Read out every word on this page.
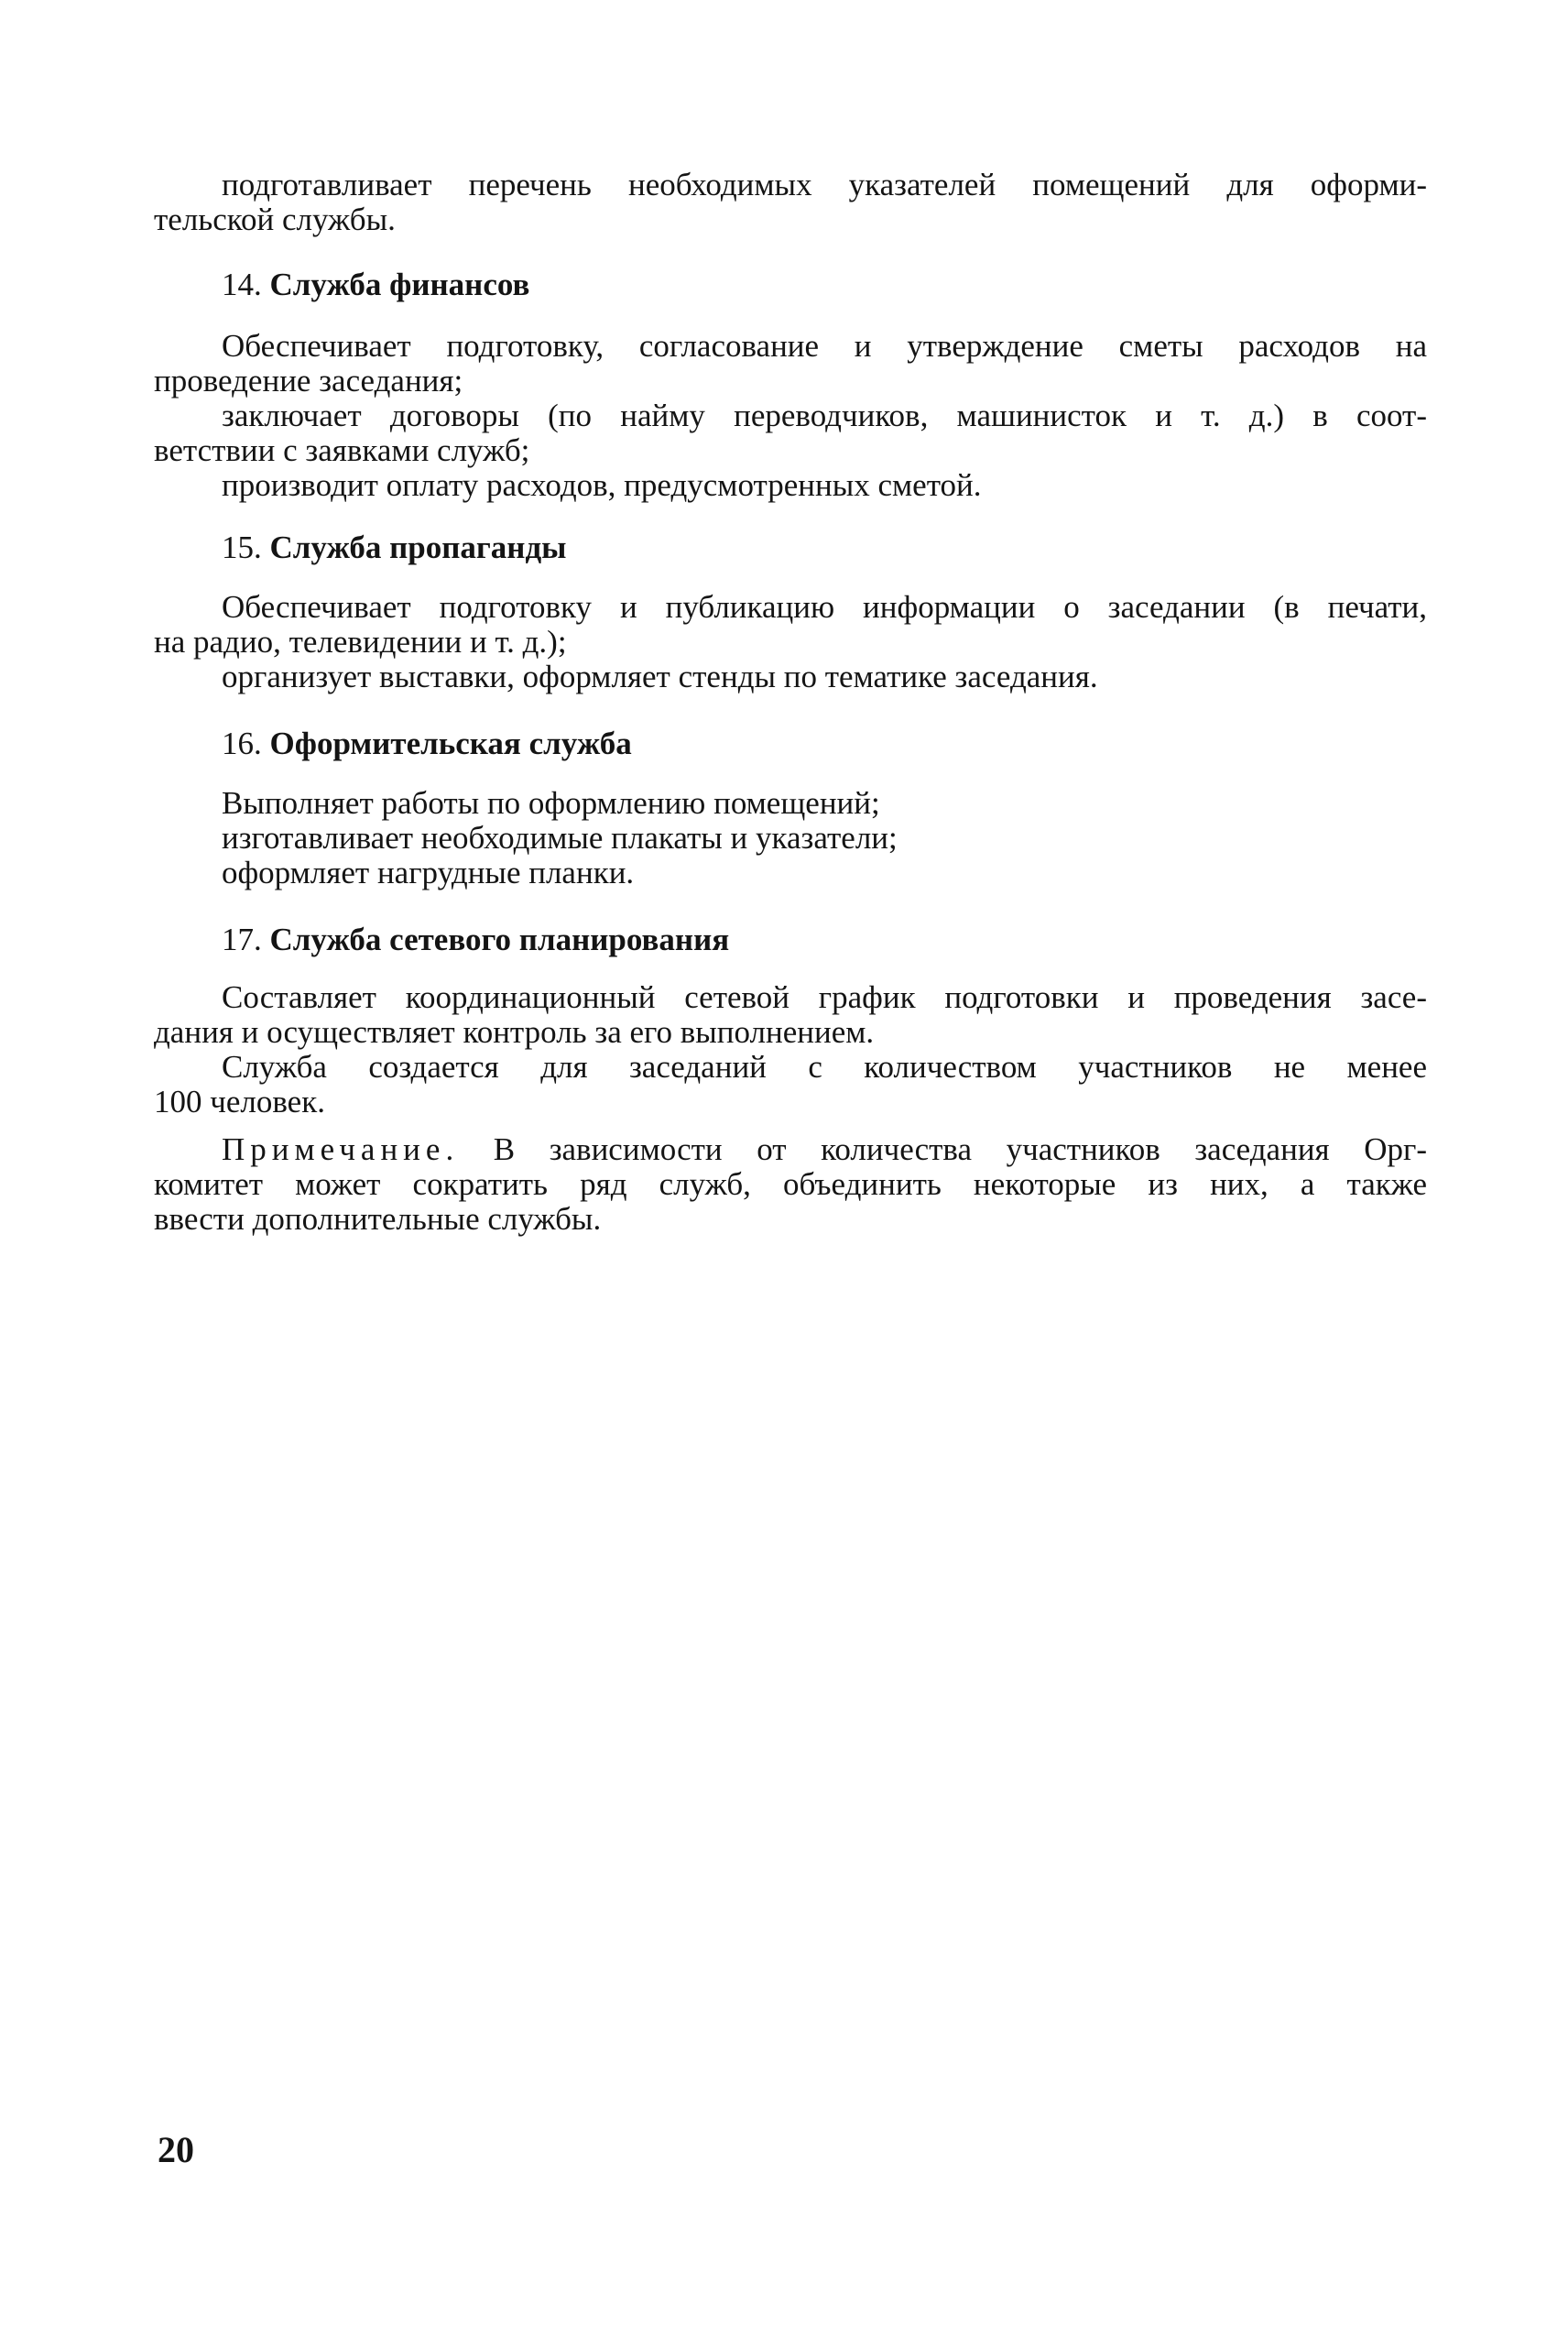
подготавливает перечень необходимых указателей помещений для оформи-
тельской службы.
14. Служба финансов
Обеспечивает подготовку, согласование и утверждение сметы расходов на
проведение заседания;
заключает договоры (по найму переводчиков, машинисток и т. д.) в соот-
ветствии с заявками служб;
производит оплату расходов, предусмотренных сметой.
15. Служба пропаганды
Обеспечивает подготовку и публикацию информации о заседании (в печати,
на радио, телевидении и т. д.);
организует выставки, оформляет стенды по тематике заседания.
16. Оформительская служба
Выполняет работы по оформлению помещений;
изготавливает необходимые плакаты и указатели;
оформляет нагрудные планки.
17. Служба сетевого планирования
Составляет координационный сетевой график подготовки и проведения засе-
дания и осуществляет контроль за его выполнением.
Служба создается для заседаний с количеством участников не менее
100 человек.
Примечание. В зависимости от количества участников заседания Орг-
комитет может сократить ряд служб, объединить некоторые из них, а также
ввести дополнительные службы.
20
